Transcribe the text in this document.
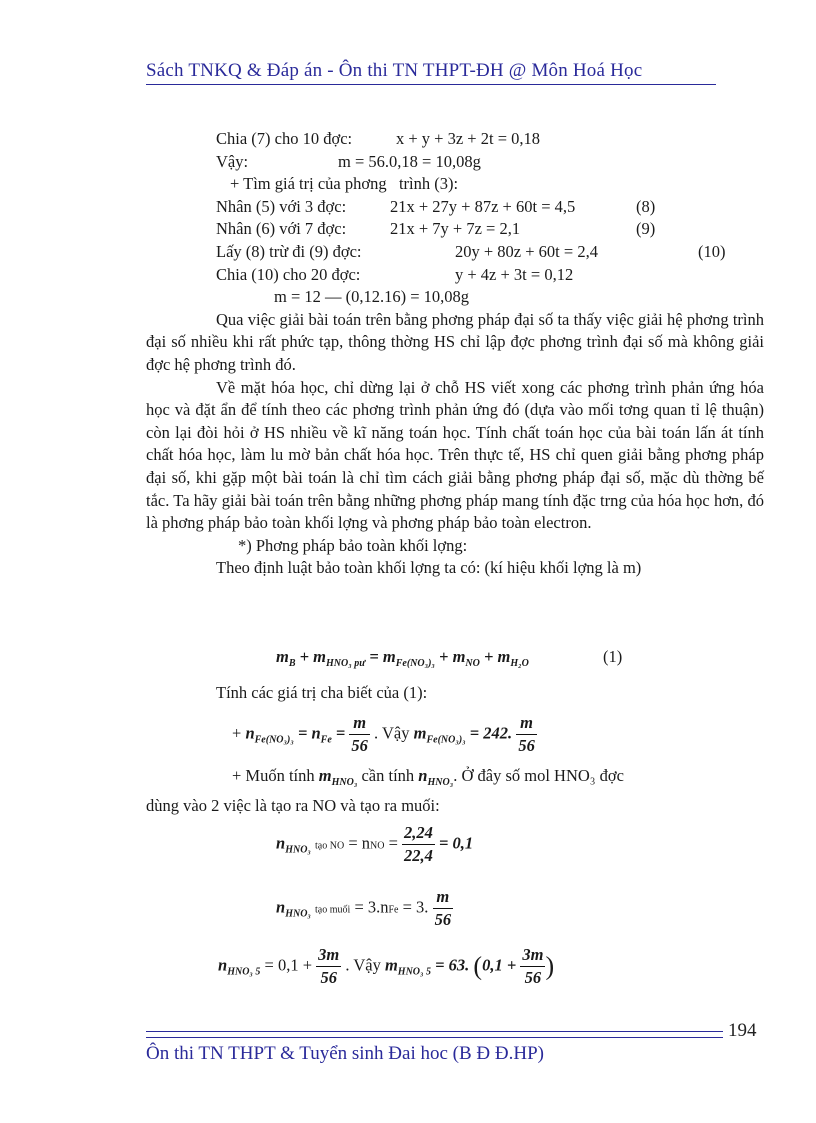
Sách TNKQ & Đáp án - Ôn thi TN THPT-ĐH @ Môn Hoá Học
Chia (7) cho 10 đợc:	x + y + 3z + 2t = 0,18
Vậy:	m = 56.0,18 = 10,08g
+ Tìm giá trị của phơng   trình (3):
Nhân (5) với 3 đợc:	21x + 27y + 87z + 60t = 4,5	(8)
Nhân (6) với 7 đợc:	21x + 7y + 7z = 2,1	(9)
Lấy (8) trừ đi (9) đợc:	20y + 80z + 60t = 2,4	(10)
Chia (10) cho 20 đợc:	y + 4z + 3t = 0,12
m = 12 — (0,12.16) = 10,08g

Qua việc giải bài toán trên bằng phơng pháp đại số ta thấy việc giải hệ phơng trình đại số nhiều khi rất phức tạp, thông thờng HS chỉ lập đợc phơng trình đại số mà không giải đợc hệ phơng trình đó.

Về mặt hóa học, chỉ dừng lại ở chỗ HS viết xong các phơng trình phản ứng hóa học và đặt ẩn để tính theo các phơng trình phản ứng đó (dựa vào mối tơng quan tỉ lệ thuận) còn lại đòi hỏi ở HS nhiều về kĩ năng toán học. Tính chất toán học của bài toán lấn át tính chất hóa học, làm lu mờ bản chất hóa học. Trên thực tế, HS chỉ quen giải bằng phơng pháp đại số, khi gặp một bài toán là chỉ tìm cách giải bằng phơng pháp đại số, mặc dù thờng bế tắc. Ta hãy giải bài toán trên bằng những phơng pháp mang tính đặc trng của hóa học hơn, đó là phơng pháp bảo toàn khối lợng và phơng pháp bảo toàn electron.

*) Phơng pháp bảo toàn khối lợng:

Theo định luật bảo toàn khối lợng ta có: (kí hiệu khối lợng là m)

$m_B + m_{HNO_3 pư} = m_{Fe(NO_3)_3} + m_{NO} + m_{H_2O}$	(1)
Tính các giá trị cha biết của (1):
+ $n_{Fe(NO_3)_3} = n_{Fe} = \frac{m}{56}$ . Vậy $m_{Fe(NO_3)_3} = 242$. $\frac{m}{56}$
+ Muốn tính $m_{HNO_3}$ cần tính $n_{HNO_3}$. Ở đây số mol HNO₃ đợc
dùng vào 2 việc là tạo ra NO và tạo ra muối:
$n_{HNO_3}$ tạo NO = nNO = $\frac{2,24}{22,4} = 0,1$
$n_{HNO_3}$ tạo muối = 3.nFe = 3. $\frac{m}{56}$
$n_{HNO_3 5} = 0,1 + \frac{3m}{56}$ . Vậy $m_{HNO_3 5} = 63$. ($0,1 + \frac{3m}{56}$ )
194
Ôn thi TN THPT & Tuyển sinh Đai hoc (B Đ Đ.HP)
